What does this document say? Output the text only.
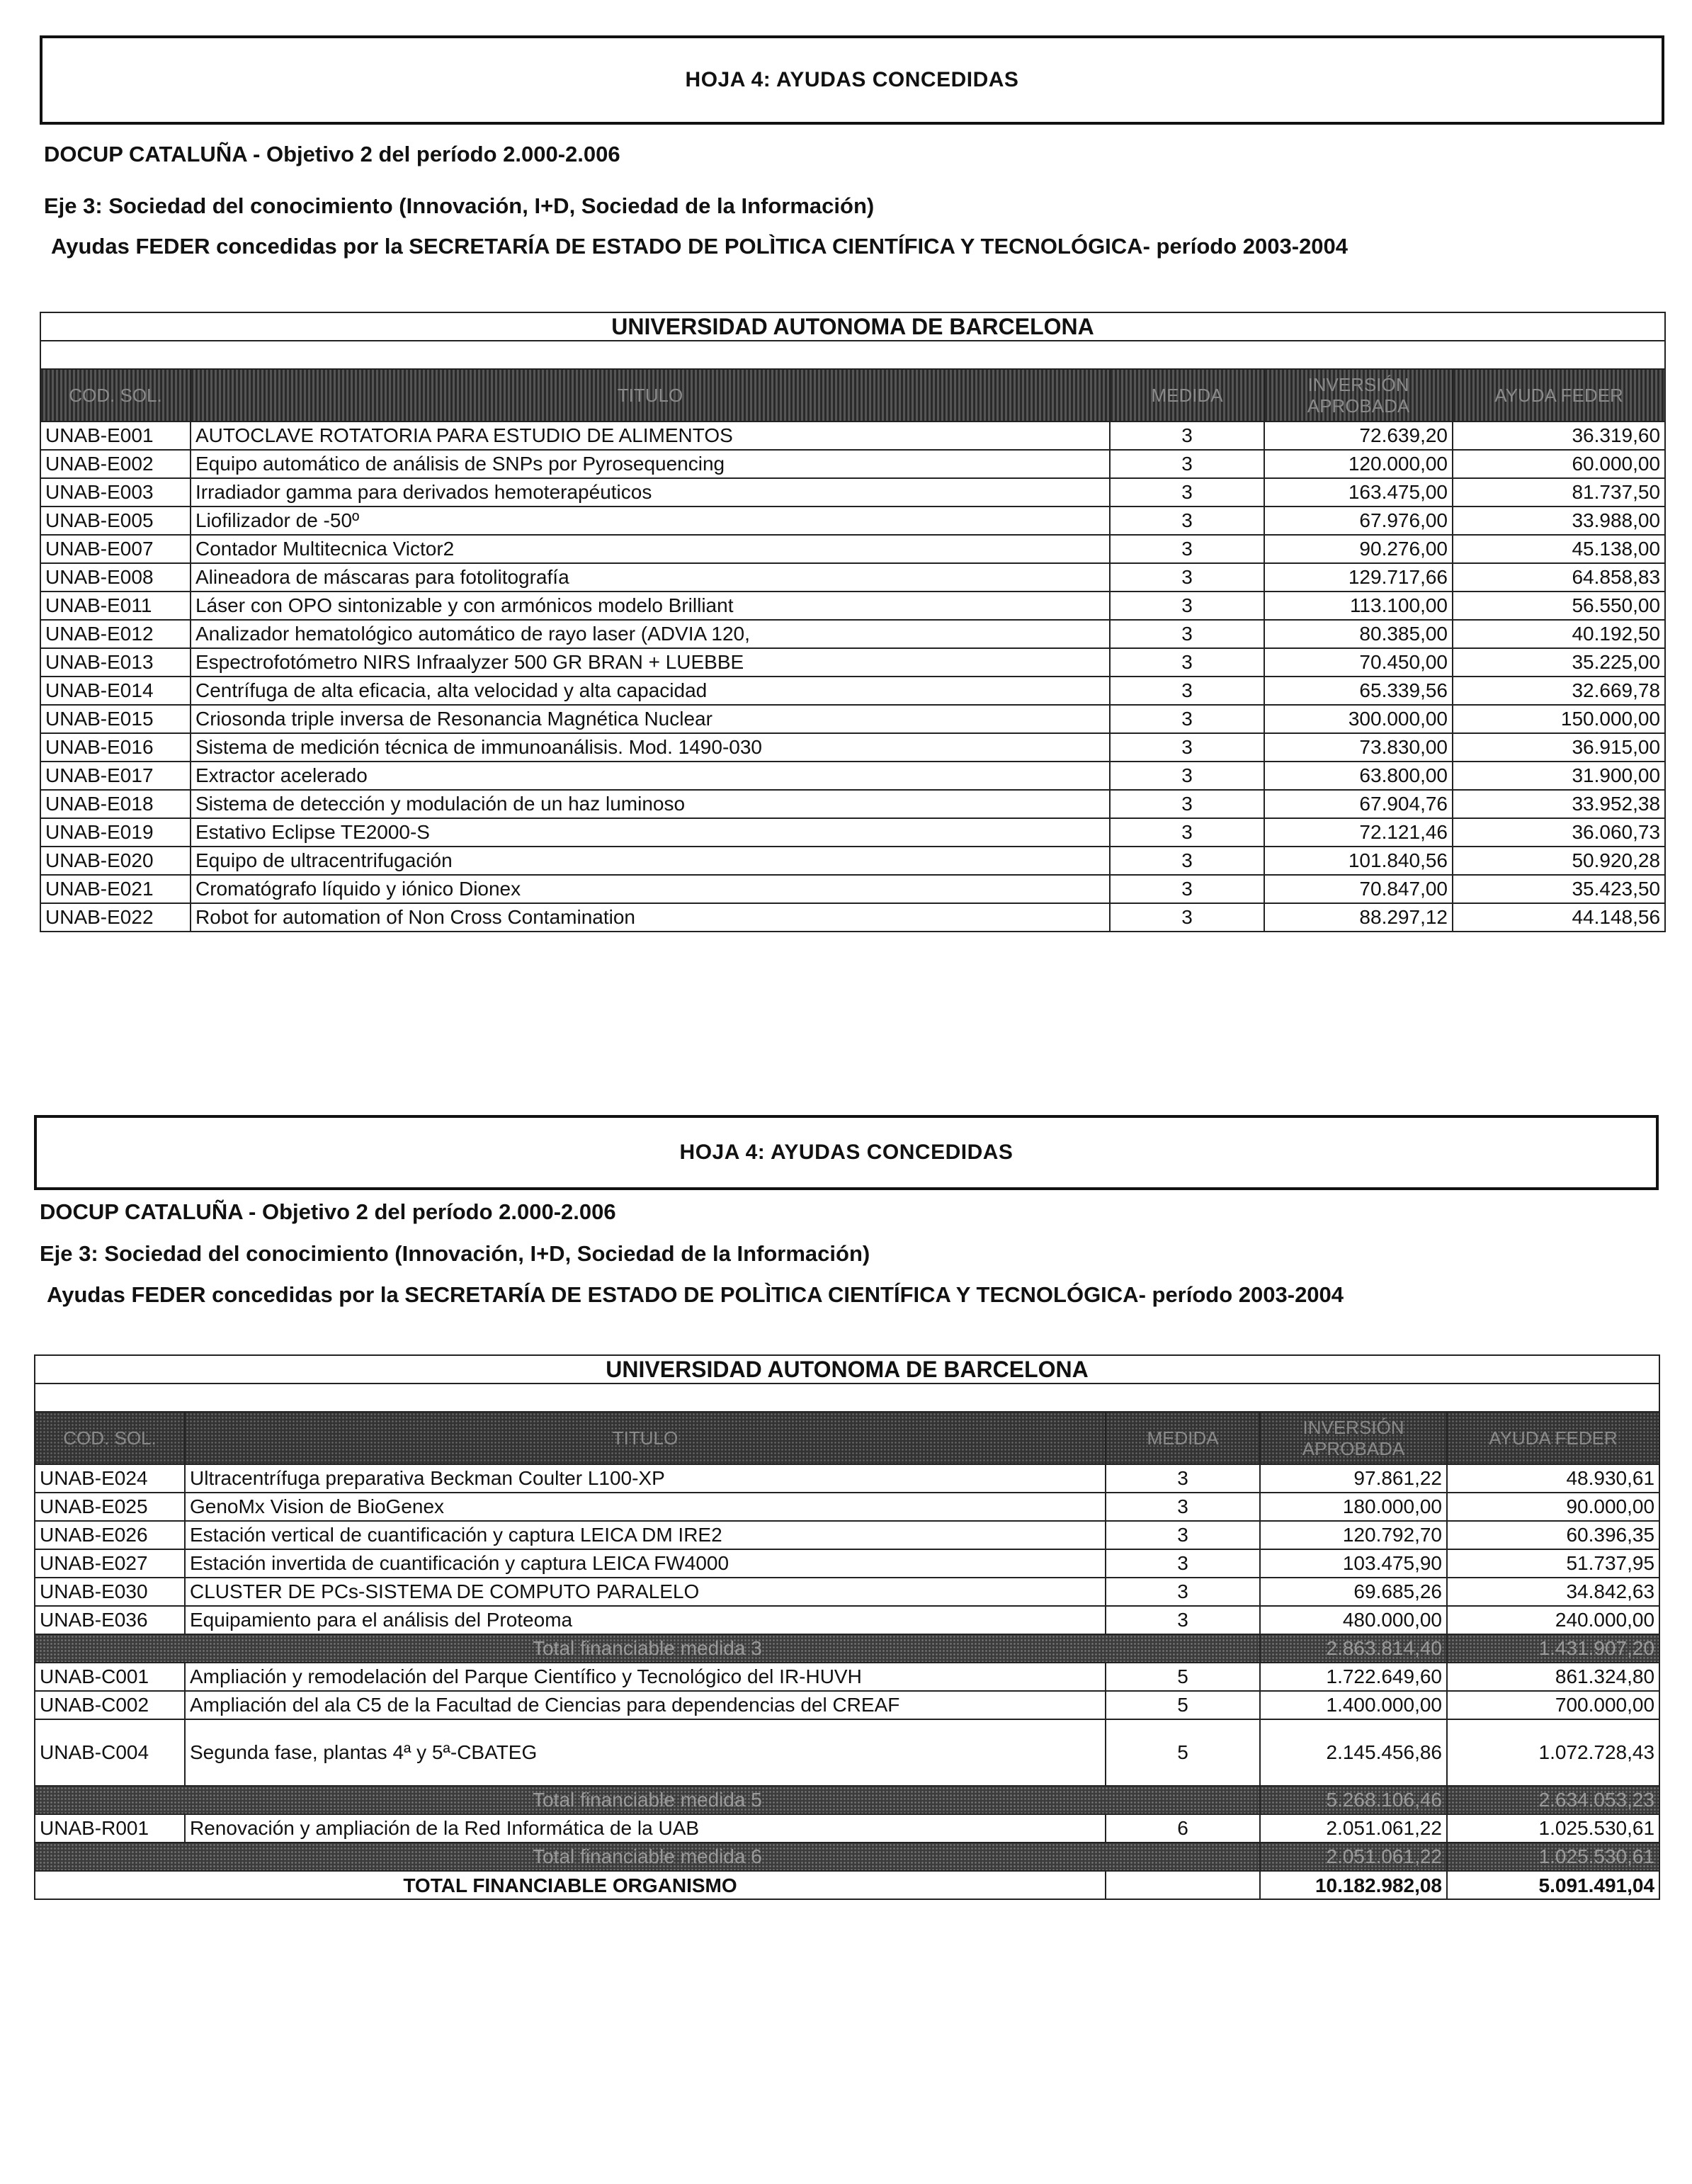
HOJA 4: AYUDAS CONCEDIDAS
DOCUP CATALUÑA - Objetivo 2 del período 2.000-2.006
Eje 3: Sociedad del conocimiento (Innovación, I+D, Sociedad de la Información)
Ayudas FEDER concedidas por la SECRETARÍA DE ESTADO DE POLÌTICA CIENTÍFICA Y TECNOLÓGICA- período 2003-2004
UNIVERSIDAD AUTONOMA DE BARCELONA				

COD. SOL.	TITULO	MEDIDA	INVERSIÓN APROBADA	AYUDA FEDER
UNAB-E001	AUTOCLAVE ROTATORIA PARA ESTUDIO DE ALIMENTOS	3	72.639,20	36.319,60
UNAB-E002	Equipo automático de análisis de SNPs por Pyrosequencing	3	120.000,00	60.000,00
UNAB-E003	Irradiador gamma para derivados hemoterapéuticos	3	163.475,00	81.737,50
UNAB-E005	Liofilizador de -50º	3	67.976,00	33.988,00
UNAB-E007	Contador Multitecnica Victor2	3	90.276,00	45.138,00
UNAB-E008	Alineadora de máscaras para fotolitografía	3	129.717,66	64.858,83
UNAB-E011	Láser con OPO sintonizable y con armónicos modelo Brilliant	3	113.100,00	56.550,00
UNAB-E012	Analizador hematológico automático de rayo laser (ADVIA 120,	3	80.385,00	40.192,50
UNAB-E013	Espectrofotómetro NIRS Infraalyzer 500 GR BRAN + LUEBBE	3	70.450,00	35.225,00
UNAB-E014	Centrífuga de alta eficacia, alta velocidad y alta capacidad	3	65.339,56	32.669,78
UNAB-E015	Criosonda triple inversa de Resonancia Magnética Nuclear	3	300.000,00	150.000,00
UNAB-E016	Sistema de medición técnica de immunoanálisis. Mod. 1490-030	3	73.830,00	36.915,00
UNAB-E017	Extractor acelerado	3	63.800,00	31.900,00
UNAB-E018	Sistema de detección y modulación de un haz luminoso	3	67.904,76	33.952,38
UNAB-E019	Estativo Eclipse TE2000-S	3	72.121,46	36.060,73
UNAB-E020	Equipo de ultracentrifugación	3	101.840,56	50.920,28
UNAB-E021	Cromatógrafo líquido y iónico Dionex	3	70.847,00	35.423,50
UNAB-E022	Robot for automation of Non Cross Contamination	3	88.297,12	44.148,56
HOJA 4: AYUDAS CONCEDIDAS
DOCUP CATALUÑA - Objetivo 2 del período 2.000-2.006
Eje 3: Sociedad del conocimiento (Innovación, I+D, Sociedad de la Información)
Ayudas FEDER concedidas por la SECRETARÍA DE ESTADO DE POLÌTICA CIENTÍFICA Y TECNOLÓGICA- período 2003-2004
UNIVERSIDAD AUTONOMA DE BARCELONA				

COD. SOL.	TITULO	MEDIDA	INVERSIÓN APROBADA	AYUDA FEDER
UNAB-E024	Ultracentrífuga preparativa Beckman Coulter L100-XP	3	97.861,22	48.930,61
UNAB-E025	GenoMx Vision de BioGenex	3	180.000,00	90.000,00
UNAB-E026	Estación vertical de cuantificación y captura LEICA DM IRE2	3	120.792,70	60.396,35
UNAB-E027	Estación invertida de cuantificación y captura LEICA FW4000	3	103.475,90	51.737,95
UNAB-E030	CLUSTER DE PCs-SISTEMA DE COMPUTO PARALELO	3	69.685,26	34.842,63
UNAB-E036	Equipamiento para el análisis del Proteoma	3	480.000,00	240.000,00
Total financiable medida 3			2.863.814,40	1.431.907,20
UNAB-C001	Ampliación y remodelación del Parque Científico y Tecnológico del IR-HUVH	5	1.722.649,60	861.324,80
UNAB-C002	Ampliación del ala C5 de la Facultad de Ciencias para dependencias del CREAF	5	1.400.000,00	700.000,00
UNAB-C004	Segunda fase, plantas 4ª y 5ª-CBATEG	5	2.145.456,86	1.072.728,43
Total financiable medida 5			5.268.106,46	2.634.053,23
UNAB-R001	Renovación y ampliación de la Red Informática de la UAB	6	2.051.061,22	1.025.530,61
Total financiable medida 6			2.051.061,22	1.025.530,61
TOTAL FINANCIABLE ORGANISMO			10.182.982,08	5.091.491,04
